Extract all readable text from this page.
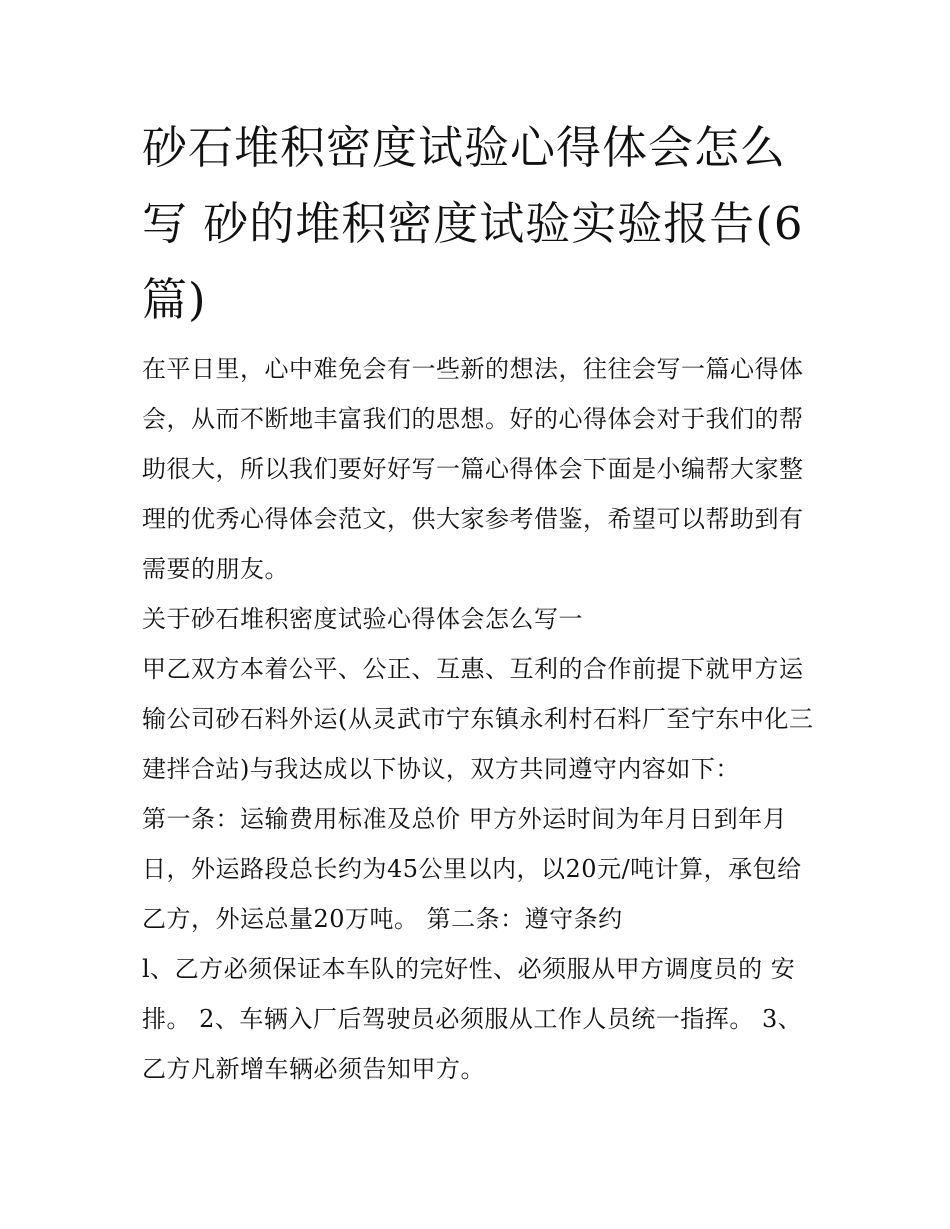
砂石堆积密度试验心得体会怎么写 砂的堆积密度试验实验报告(6篇)

在平日里，心中难免会有一些新的想法，往往会写一篇心得体会，从而不断地丰富我们的思想。好的心得体会对于我们的帮助很大，所以我们要好好写一篇心得体会下面是小编帮大家整理的优秀心得体会范文，供大家参考借鉴，希望可以帮助到有需要的朋友。

关于砂石堆积密度试验心得体会怎么写一

甲乙双方本着公平、公正、互惠、互利的合作前提下就甲方运输公司砂石料外运(从灵武市宁东镇永利村石料厂至宁东中化三建拌合站)与我达成以下协议，双方共同遵守内容如下：

第一条：运输费用标准及总价 甲方外运时间为年月日到年月日，外运路段总长约为45公里以内，以20元/吨计算，承包给乙方，外运总量20万吨。 第二条：遵守条约

l、乙方必须保证本车队的完好性、必须服从甲方调度员的 安排。 2、车辆入厂后驾驶员必须服从工作人员统一指挥。 3、乙方凡新增车辆必须告知甲方。
